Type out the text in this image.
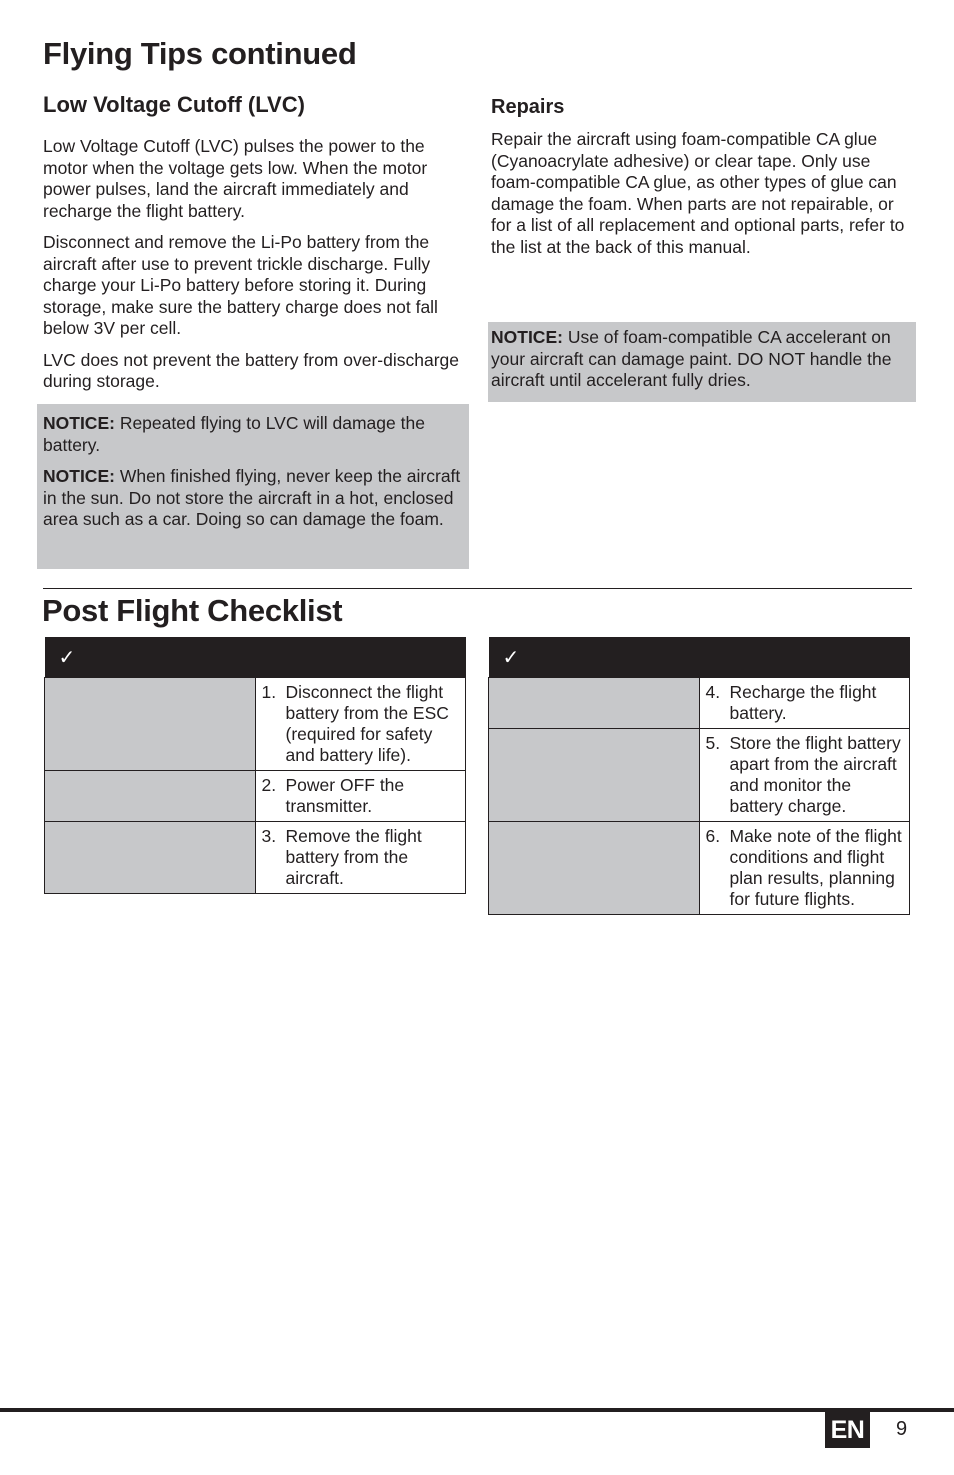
Flying Tips continued
Low Voltage Cutoff (LVC)

Low Voltage Cutoff (LVC) pulses the power to the motor when the voltage gets low. When the motor power pulses, land the aircraft immediately and recharge the flight battery.

Disconnect and remove the Li-Po battery from the aircraft after use to prevent trickle discharge. Fully charge your Li-Po battery before storing it. During storage, make sure the battery charge does not fall below 3V per cell.

LVC does not prevent the battery from over-discharge during storage.

NOTICE: Repeated flying to LVC will damage the battery.

NOTICE: When finished flying, never keep the aircraft in the sun. Do not store the aircraft in a hot, enclosed area such as a car. Doing so can damage the foam.

Repairs

Repair the aircraft using foam-compatible CA glue (Cyanoacrylate adhesive) or clear tape. Only use foam-compatible CA glue, as other types of glue can damage the foam. When parts are not repairable, or for a list of all replacement and optional parts, refer to the list at the back of this manual.

NOTICE: Use of foam-compatible CA accelerant on your aircraft can damage paint. DO NOT handle the aircraft until accelerant fully dries.

Post Flight Checklist
✓	

	1. Disconnect the flight battery from the ESC (required for safety and battery life).

	2. Power OFF the transmitter.

	3. Remove the flight battery from the aircraft.
✓	

	4. Recharge the flight battery.

	5. Store the flight battery apart from the aircraft and monitor the battery charge.

	6. Make note of the flight conditions and flight plan results, planning for future flights.
EN 9
